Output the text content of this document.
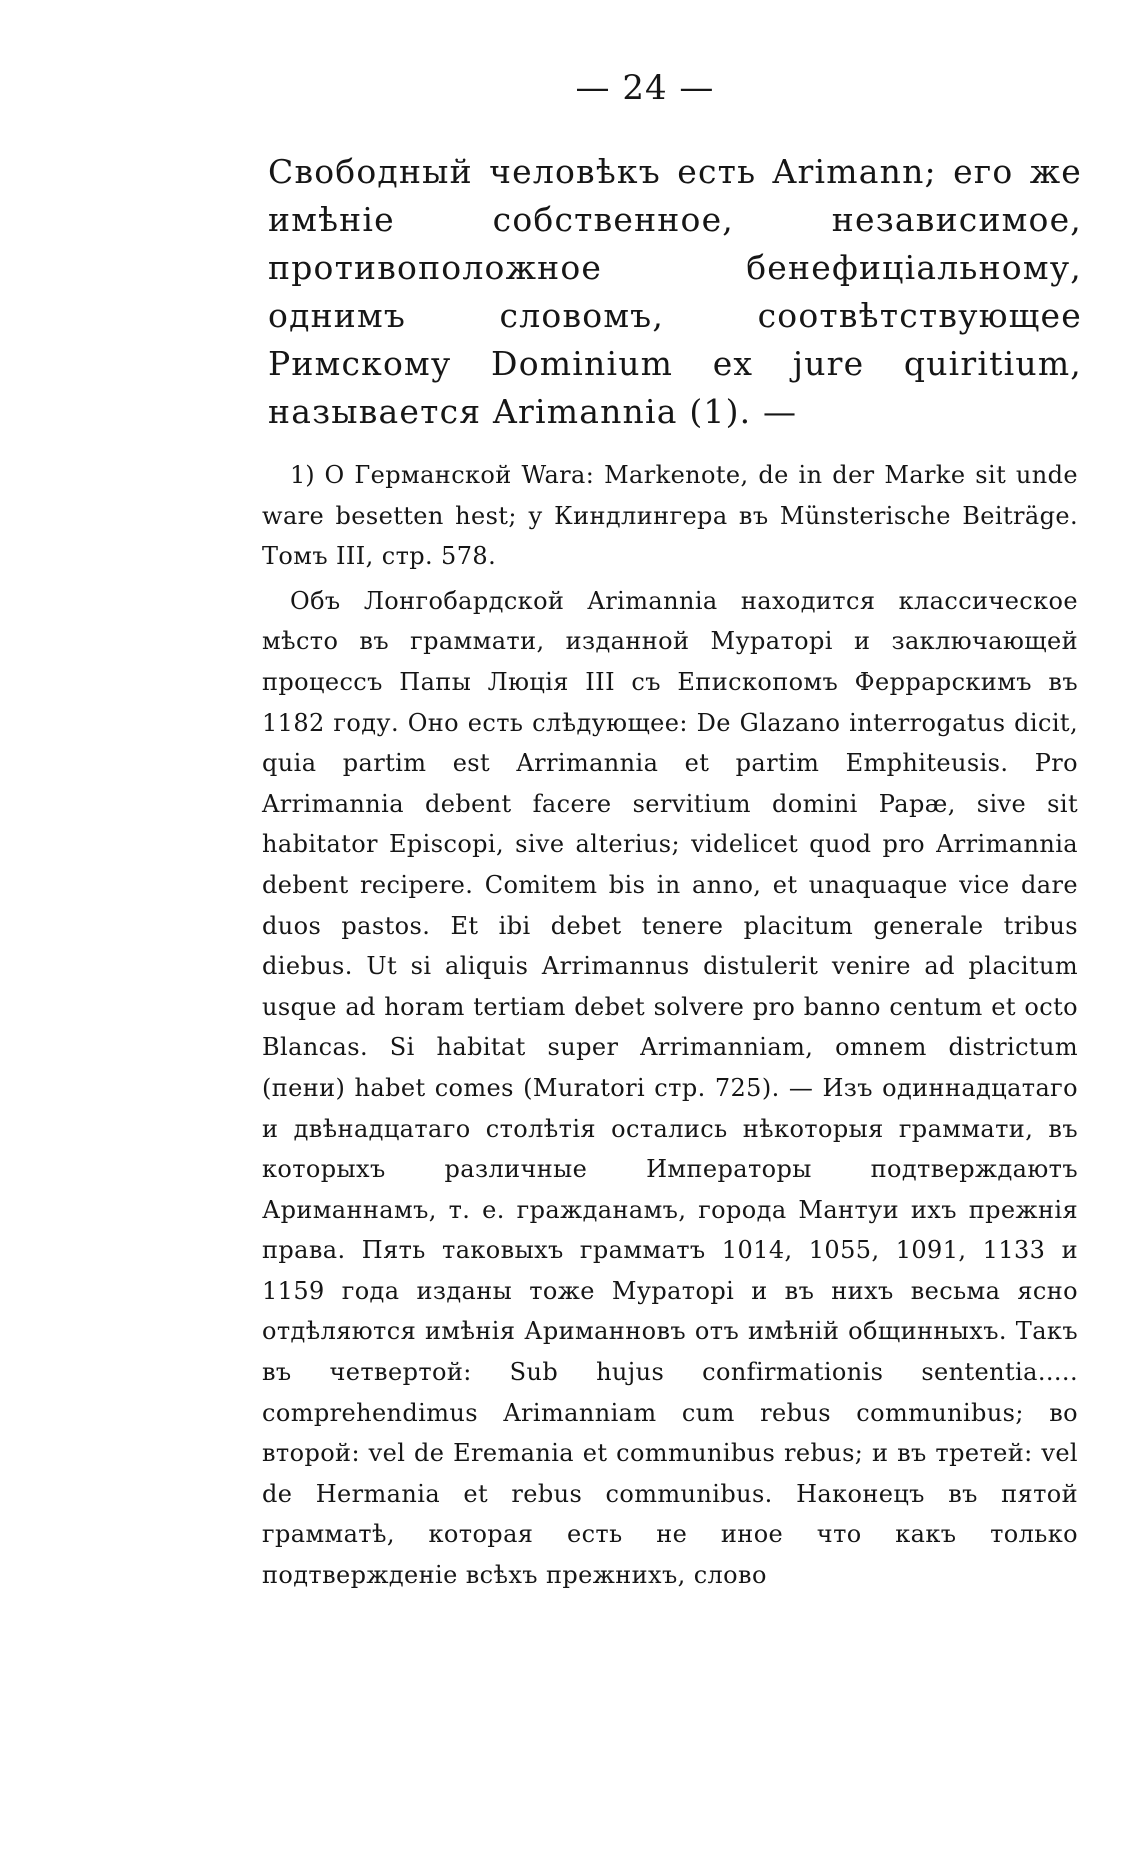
— 24 —

Свободный человѣкъ есть Arimann; его же имѣніе собственное, независимое, противоположное бенефиціальному, однимъ словомъ, соотвѣтствующее Римскому Dominium ex jure quiritium, называется Arimannia (1). —

1) О Германской Wara: Markenote, de in der Marke sit unde ware besetten hest; у Киндлингера въ Münsterische Beiträge. Томъ III, стр. 578.

Объ Лонгобардской Arimannia находится классическое мѣсто въ граммати, изданной Мураторі и заключающей процессъ Папы Люція III съ Епископомъ Феррарскимъ въ 1182 году. Оно есть слѣдующее: De Glazano interrogatus dicit, quia partim est Arrimannia et partim Emphiteusis. Pro Arrimannia debent facere servitium domini Papæ, sive sit habitator Episcopi, sive alterius; videlicet quod pro Arrimannia debent recipere. Comitem bis in anno, et unaquaque vice dare duos pastos. Et ibi debet tenere placitum generale tribus diebus. Ut si aliquis Arrimannus distulerit venire ad placitum usque ad horam tertiam debet solvere pro banno centum et octo Blancas. Si habitat super Arrimanniam, omnem districtum (пени) habet comes (Muratori стр. 725). — Изъ одиннадцатаго и двѣнадцатаго столѣтія остались нѣкоторыя граммати, въ которыхъ различные Императоры подтверждаютъ Ариманнамъ, т. е. гражданамъ, города Мантуи ихъ прежнія права. Пять таковыхъ грамматъ 1014, 1055, 1091, 1133 и 1159 года изданы тоже Мураторі и въ нихъ весьма ясно отдѣляются имѣнія Ариманновъ отъ имѣній общинныхъ. Такъ въ четвертой: Sub hujus confirmationis sententia..... comprehendimus Arimanniam cum rebus communibus; во второй: vel de Eremania et communibus rebus; и въ третей: vel de Hermania et rebus communibus. Наконецъ въ пятой грамматѣ, которая есть не иное что какъ только подтвержденіе всѣхъ прежнихъ, слово
